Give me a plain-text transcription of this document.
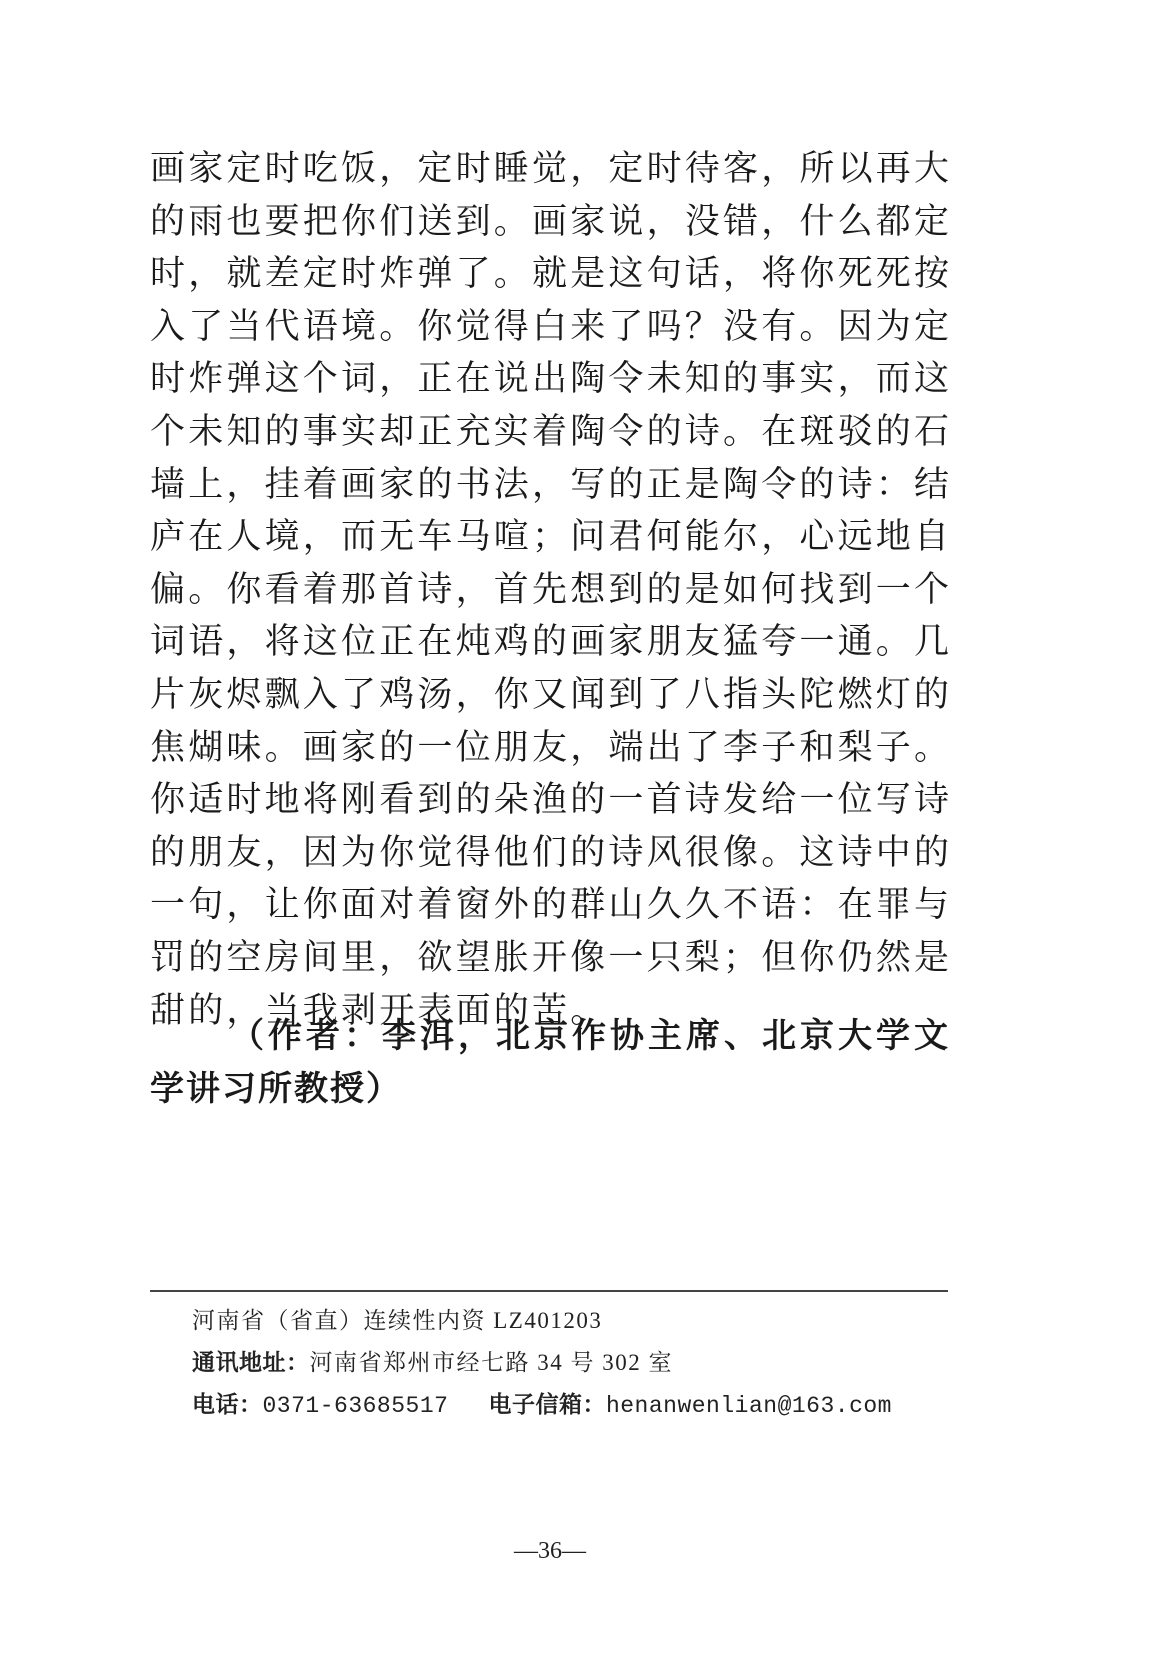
画家定时吃饭，定时睡觉，定时待客，所以再大
的雨也要把你们送到。画家说，没错，什么都定
时，就差定时炸弹了。就是这句话，将你死死按
入了当代语境。你觉得白来了吗？没有。因为定
时炸弹这个词，正在说出陶令未知的事实，而这
个未知的事实却正充实着陶令的诗。在斑驳的石
墙上，挂着画家的书法，写的正是陶令的诗：结
庐在人境，而无车马喧；问君何能尔，心远地自
偏。你看着那首诗，首先想到的是如何找到一个
词语，将这位正在炖鸡的画家朋友猛夸一通。几
片灰烬飘入了鸡汤，你又闻到了八指头陀燃灯的
焦煳味。画家的一位朋友，端出了李子和梨子。
你适时地将刚看到的朵渔的一首诗发给一位写诗
的朋友，因为你觉得他们的诗风很像。这诗中的
一句，让你面对着窗外的群山久久不语：在罪与
罚的空房间里，欲望胀开像一只梨；但你仍然是
甜的，当我剥开表面的苦。
（作者：李洱，北京作协主席、北京大学文
学讲习所教授）
河南省（省直）连续性内资 LZ401203
通讯地址：河南省郑州市经七路 34 号 302 室
电话：0371-63685517 电子信箱：henanwenlian@163.com
—36—
